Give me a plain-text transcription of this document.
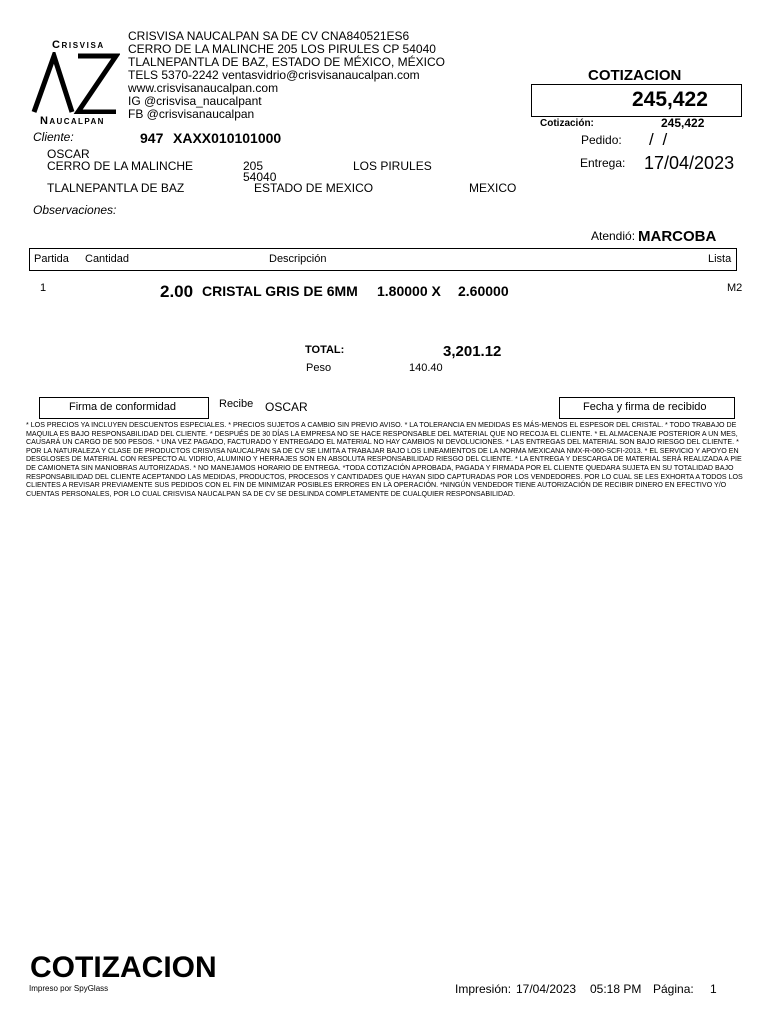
Crisvisa
Naucalpan
CRISVISA NAUCALPAN SA DE CV CNA840521ES6
CERRO DE LA MALINCHE 205 LOS PIRULES CP 54040
TLALNEPANTLA DE BAZ, ESTADO DE MÉXICO, MÉXICO
TELS 5370-2242 ventasvidrio@crisvisanaucalpan.com
www.crisvisanaucalpan.com
IG @crisvisa_naucalpant
FB @crisvisanaucalpan
COTIZACION
245,422
Cotización:	245,422
Pedido: / /
Entrega: 17/04/2023
Cliente:	947 XAXX010101000
OSCAR
CERRO DE LA MALINCHE	205	LOS PIRULES
54040
TLALNEPANTLA DE BAZ	ESTADO DE MEXICO	MEXICO
Observaciones:
Atendió: MARCOBA
Partida Cantidad	Descripción	Lista
1	2.00 CRISTAL GRIS DE 6MM 1.80000 X 2.60000	M2
TOTAL:	3,201.12
Peso	140.40
Firma de conformidad	Recibe OSCAR	Fecha y firma de recibido
* LOS PRECIOS YA INCLUYEN DESCUENTOS ESPECIALES. * PRECIOS SUJETOS A CAMBIO SIN PREVIO AVISO. * LA TOLERANCIA EN MEDIDAS ES MÁS-MENOS EL ESPESOR DEL CRISTAL. * TODO TRABAJO DE MAQUILA ES BAJO RESPONSABILIDAD DEL CLIENTE. * DESPUÉS DE 30 DÍAS LA EMPRESA NO SE HACE RESPONSABLE DEL MATERIAL QUE NO RECOJA EL CLIENTE. * EL ALMACENAJE POSTERIOR A UN MES, CAUSARÁ UN CARGO DE 500 PESOS. * UNA VEZ PAGADO, FACTURADO Y ENTREGADO EL MATERIAL NO HAY CAMBIOS NI DEVOLUCIONES. * LAS ENTREGAS DEL MATERIAL SON BAJO RIESGO DEL CLIENTE. * POR LA NATURALEZA Y CLASE DE PRODUCTOS CRISVISA NAUCALPAN SA DE CV SE LIMITA A TRABAJAR BAJO LOS LINEAMIENTOS DE LA NORMA MEXICANA NMX-R-060-SCFI-2013. * EL SERVICIO Y APOYO EN DESGLOSES DE MATERIAL CON RESPECTO AL VIDRIO, ALUMINIO Y HERRAJES SON EN ABSOLUTA RESPONSABILIDAD RIESGO DEL CLIENTE. * LA ENTREGA Y DESCARGA DE MATERIAL SERÁ REALIZADA A PIE DE CAMIONETA SIN MANIOBRAS AUTORIZADAS. * NO MANEJAMOS HORARIO DE ENTREGA. *TODA COTIZACIÓN APROBADA, PAGADA Y FIRMADA POR EL CLIENTE QUEDARA SUJETA EN SU TOTALIDAD BAJO RESPONSABILIDAD DEL CLIENTE ACEPTANDO LAS MEDIDAS, PRODUCTOS, PROCESOS Y CANTIDADES QUE HAYAN SIDO CAPTURADAS POR LOS VENDEDORES. POR LO CUAL SE LES EXHORTA A TODOS LOS CLIENTES A REVISAR PREVIAMENTE SUS PEDIDOS CON EL FIN DE MINIMIZAR POSIBLES ERRORES EN LA OPERACIÓN. *NINGÚN VENDEDOR TIENE AUTORIZACIÓN DE RECIBIR DINERO EN EFECTIVO Y/O CUENTAS PERSONALES, POR LO CUAL CRISVISA NAUCALPAN SA DE CV SE DESLINDA COMPLETAMENTE DE CUALQUIER RESPONSABILIDAD.
COTIZACION
Impreso por SpyGlass	Impresión: 17/04/2023 05:18 PM Página: 1
